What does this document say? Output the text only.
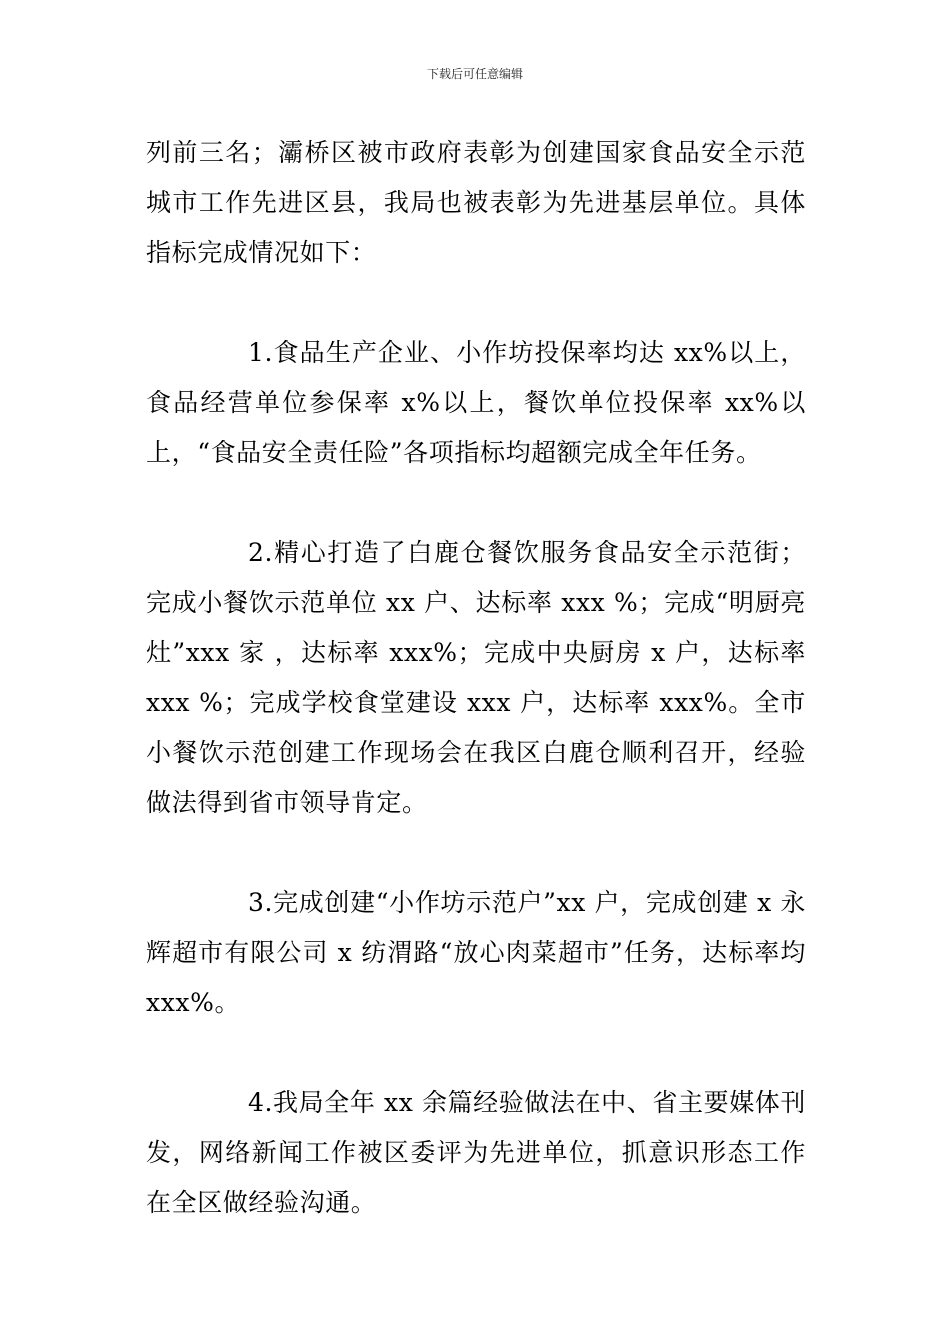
下载后可任意编辑

列前三名；灞桥区被市政府表彰为创建国家食品安全示范城市工作先进区县，我局也被表彰为先进基层单位。具体指标完成情况如下：

1.食品生产企业、小作坊投保率均达 xx%以上，食品经营单位参保率 x%以上，餐饮单位投保率 xx%以上，“食品安全责任险”各项指标均超额完成全年任务。

2.精心打造了白鹿仓餐饮服务食品安全示范街；完成小餐饮示范单位 xx 户、达标率 xxx %；完成“明厨亮灶”xxx 家 ，达标率 xxx%；完成中央厨房 x 户，达标率 xxx %；完成学校食堂建设 xxx 户，达标率 xxx%。全市小餐饮示范创建工作现场会在我区白鹿仓顺利召开，经验做法得到省市领导肯定。

3.完成创建“小作坊示范户”xx 户，完成创建 x 永辉超市有限公司 x 纺渭路“放心肉菜超市”任务，达标率均 xxx%。

4.我局全年 xx 余篇经验做法在中、省主要媒体刊发，网络新闻工作被区委评为先进单位，抓意识形态工作在全区做经验沟通。
